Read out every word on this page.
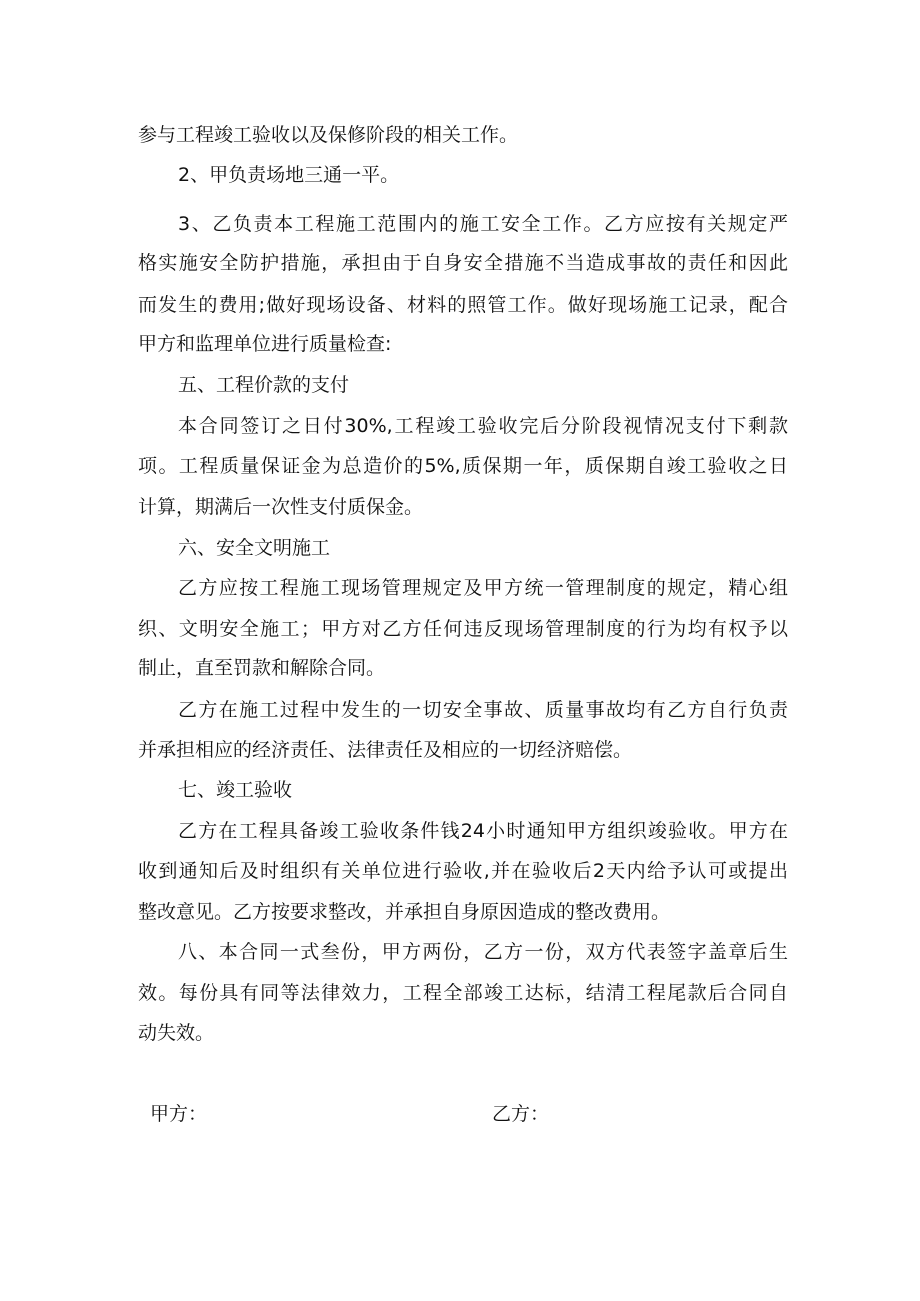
参与工程竣工验收以及保修阶段的相关工作。
2、甲负责场地三通一平。
3、乙负责本工程施工范围内的施工安全工作。乙方应按有关规定严
格实施安全防护措施，承担由于自身安全措施不当造成事故的责任和因此
而发生的费用;做好现场设备、材料的照管工作。做好现场施工记录，配合
甲方和监理单位进行质量检查:
五、工程价款的支付
本合同签订之日付30%,工程竣工验收完后分阶段视情况支付下剩款
项。工程质量保证金为总造价的5%,质保期一年，质保期自竣工验收之日
计算，期满后一次性支付质保金。
六、安全文明施工
乙方应按工程施工现场管理规定及甲方统一管理制度的规定，精心组
织、文明安全施工；甲方对乙方任何违反现场管理制度的行为均有权予以
制止，直至罚款和解除合同。
乙方在施工过程中发生的一切安全事故、质量事故均有乙方自行负责
并承担相应的经济责任、法律责任及相应的一切经济赔偿。
七、竣工验收
乙方在工程具备竣工验收条件钱24小时通知甲方组织竣验收。甲方在
收到通知后及时组织有关单位进行验收,并在验收后2天内给予认可或提出
整改意见。乙方按要求整改，并承担自身原因造成的整改费用。
八、本合同一式叁份，甲方两份，乙方一份，双方代表签字盖章后生
效。每份具有同等法律效力，工程全部竣工达标，结清工程尾款后合同自
动失效。
甲方：	乙方：
